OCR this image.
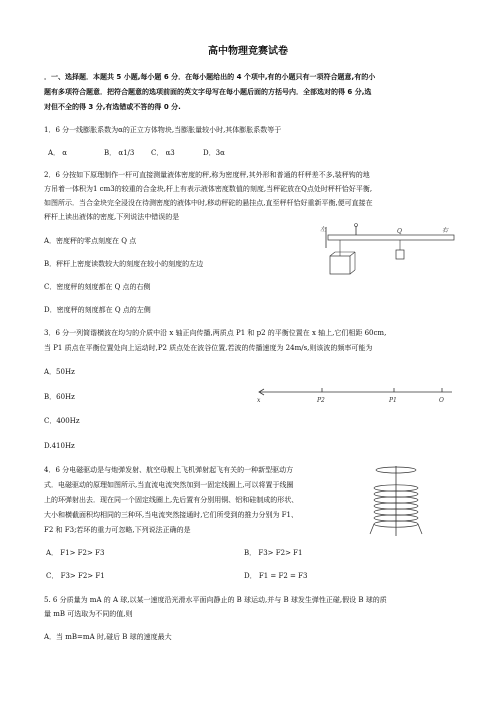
高中物理竞赛试卷
．一、选择题．本题共 5 小题,每小题 6 分．在每小题给出的 4 个项中,有的小题只有一项符合题意,有的小
题有多项符合题意．把符合题意的选项前面的英文字母写在每小题后面的方括号内．全部选对的得 6 分,选
对但不全的得 3 分,有选错或不答的得 0 分.
1．6 分一线膨胀系数为α的正立方体物块,当膨胀量较小时,其体膨胀系数等于
A． α	B． α1/3 C． α3	D．3α
2．6 分按如下原理制作一杆可直接测量液体密度的秤,称为密度秤,其外形和普通的杆秤差不多,装秤钩的地
方吊着一体积为1 cm3的较重的合金块,杆上有表示液体密度数值的刻度,当秤砣放在Q点处时秤杆恰好平衡,
如图所示．当合金块完全浸没在待测密度的液体中时,移动秤砣的悬挂点,直至秤杆恰好重新平衡,便可直接在
秤杆上读出液体的密度,下列说法中错误的是
左	Q	右
A．密度秤的零点刻度在 Q 点
B．秤杆上密度读数较大的刻度在较小的刻度的左边
C．密度秤的刻度都在 Q 点的右侧
D．密度秤的刻度都在 Q 点的左侧
3．6 分一列简谐横波在均匀的介质中沿 x 轴正向传播,两质点 P1 和 p2 的平衡位置在 x 轴上,它们相距 60cm,
当 P1 质点在平衡位置处向上运动时,P2 质点处在波谷位置,若波的传播速度为 24m/s,则该波的频率可能为
x	P2	P1	O
A．50Hz
B．60Hz
C．400Hz
D.410Hz
4．6 分电磁驱动是与炮弹发射、航空母舰上飞机弹射起飞有关的一种新型驱动方
式．电磁驱动的原理如图所示,当直流电流突然加到一固定线圈上,可以将置于线圈
上的环弹射出去．现在同一个固定线圈上,先后置有分别用铜、铝和硅制成的形状、
大小和横截面积均相同的三种环,当电流突然接通时,它们所受到的推力分别为 F1、
F2 和 F3;若环的重力可忽略,下列说法正确的是
A． F1> F2> F3	B． F3> F2> F1
C． F3> F2> F1	D． F1 = F2 = F3
5. 6 分质量为 mA 的 A 球,以某一速度沿光滑水平面向静止的 B 球运动,并与 B 球发生弹性正碰,假设 B 球的质
量 mB 可选取为不同的值,则
A．当 mB=mA 时,碰后 B 球的速度最大
